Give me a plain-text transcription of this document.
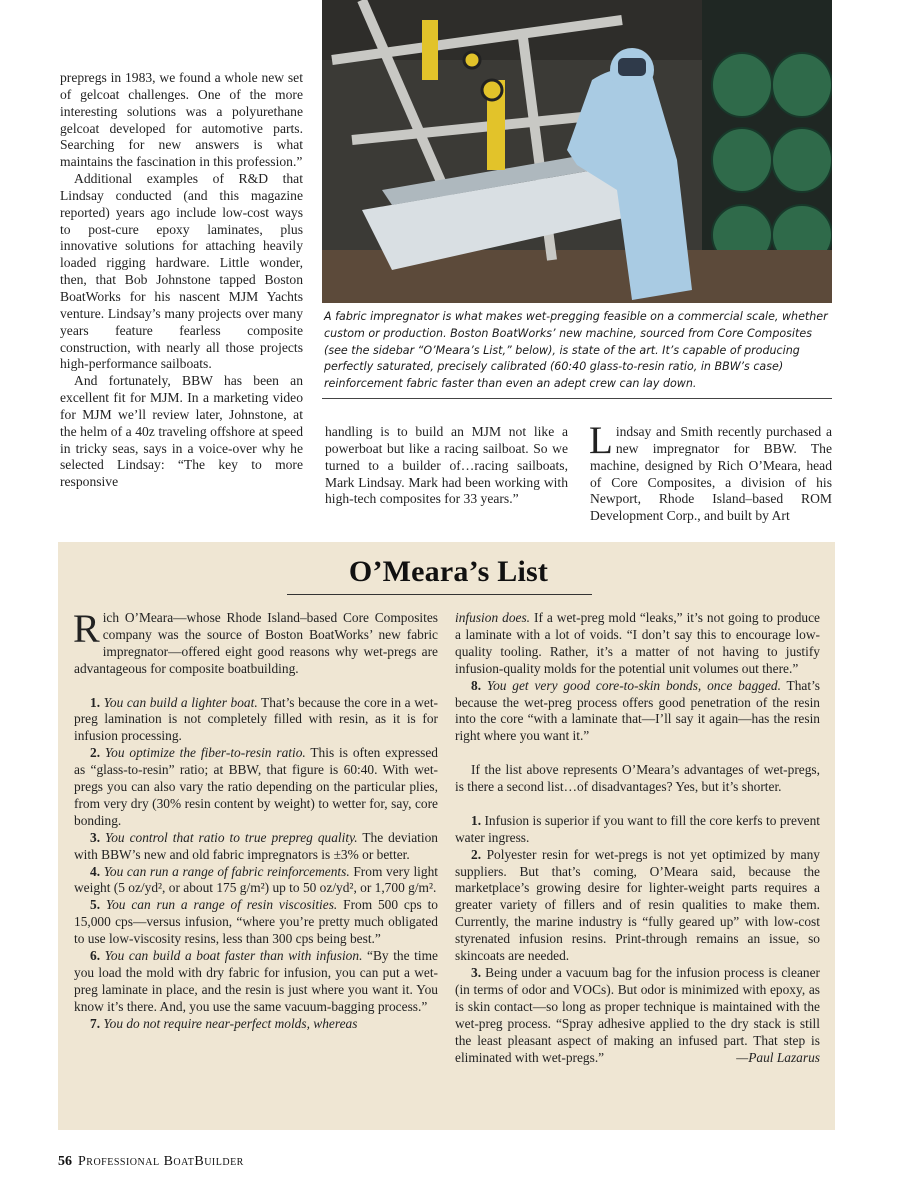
prepregs in 1983, we found a whole new set of gelcoat challenges. One of the more interesting solutions was a polyurethane gelcoat developed for automotive parts. Searching for new answers is what maintains the fascination in this profession.”

Additional examples of R&D that Lindsay conducted (and this magazine reported) years ago include low-cost ways to post-cure epoxy laminates, plus innovative solutions for attaching heavily loaded rigging hardware. Little wonder, then, that Bob Johnstone tapped Boston BoatWorks for his nascent MJM Yachts venture. Lindsay’s many projects over many years feature fearless composite construction, with nearly all those projects high-performance sailboats.

And fortunately, BBW has been an excellent fit for MJM. In a marketing video for MJM we’ll review later, Johnstone, at the helm of a 40z traveling offshore at speed in tricky seas, says in a voice-over why he selected Lindsay: “The key to more responsive

A fabric impregnator is what makes wet-pregging feasible on a commercial scale, whether custom or production. Boston BoatWorks’ new machine, sourced from Core Composites (see the sidebar “O’Meara’s List,” below), is state of the art. It’s capable of producing perfectly saturated, precisely calibrated (60:40 glass-to-resin ratio, in BBW’s case) reinforcement fabric faster than even an adept crew can lay down.

handling is to build an MJM not like a powerboat but like a racing sailboat. So we turned to a builder of…racing sailboats, Mark Lindsay. Mark had been working with high-tech composites for 33 years.”

Lindsay and Smith recently purchased a new impregnator for BBW. The machine, designed by Rich O’Meara, head of Core Composites, a division of his Newport, Rhode Island–based ROM Development Corp., and built by Art

O’Meara’s List

Rich O’Meara—whose Rhode Island–based Core Composites company was the source of Boston BoatWorks’ new fabric impregnator—offered eight good reasons why wet-pregs are advantageous for composite boatbuilding.

1. You can build a lighter boat. That’s because the core in a wet-preg lamination is not completely filled with resin, as it is for infusion processing.

2. You optimize the fiber-to-resin ratio. This is often expressed as “glass-to-resin” ratio; at BBW, that figure is 60:40. With wet-pregs you can also vary the ratio depending on the particular plies, from very dry (30% resin content by weight) to wetter for, say, core bonding.

3. You control that ratio to true prepreg quality. The deviation with BBW’s new and old fabric impregnators is ±3% or better.

4. You can run a range of fabric reinforcements. From very light weight (5 oz/yd², or about 175 g/m²) up to 50 oz/yd², or 1,700 g/m².

5. You can run a range of resin viscosities. From 500 cps to 15,000 cps—versus infusion, “where you’re pretty much obligated to use low-viscosity resins, less than 300 cps being best.”

6. You can build a boat faster than with infusion. “By the time you load the mold with dry fabric for infusion, you can put a wet-preg laminate in place, and the resin is just where you want it. You know it’s there. And, you use the same vacuum-bagging process.”

7. You do not require near-perfect molds, whereas

infusion does. If a wet-preg mold “leaks,” it’s not going to produce a laminate with a lot of voids. “I don’t say this to encourage low-quality tooling. Rather, it’s a matter of not having to justify infusion-quality molds for the potential unit volumes out there.”

8. You get very good core-to-skin bonds, once bagged. That’s because the wet-preg process offers good penetration of the resin into the core “with a laminate that—I’ll say it again—has the resin right where you want it.”

If the list above represents O’Meara’s advantages of wet-pregs, is there a second list…of disadvantages? Yes, but it’s shorter.

1. Infusion is superior if you want to fill the core kerfs to prevent water ingress.

2. Polyester resin for wet-pregs is not yet optimized by many suppliers. But that’s coming, O’Meara said, because the marketplace’s growing desire for lighter-weight parts requires a greater variety of fillers and of resin qualities to make them. Currently, the marine industry is “fully geared up” with low-cost styrenated infusion resins. Print-through remains an issue, so skincoats are needed.

3. Being under a vacuum bag for the infusion process is cleaner (in terms of odor and VOCs). But odor is minimized with epoxy, as is skin contact—so long as proper technique is maintained with the wet-preg process. “Spray adhesive applied to the dry stack is still the least pleasant aspect of making an infused part. That step is eliminated with wet-pregs.”	—Paul Lazarus

56 Professional BoatBuilder
